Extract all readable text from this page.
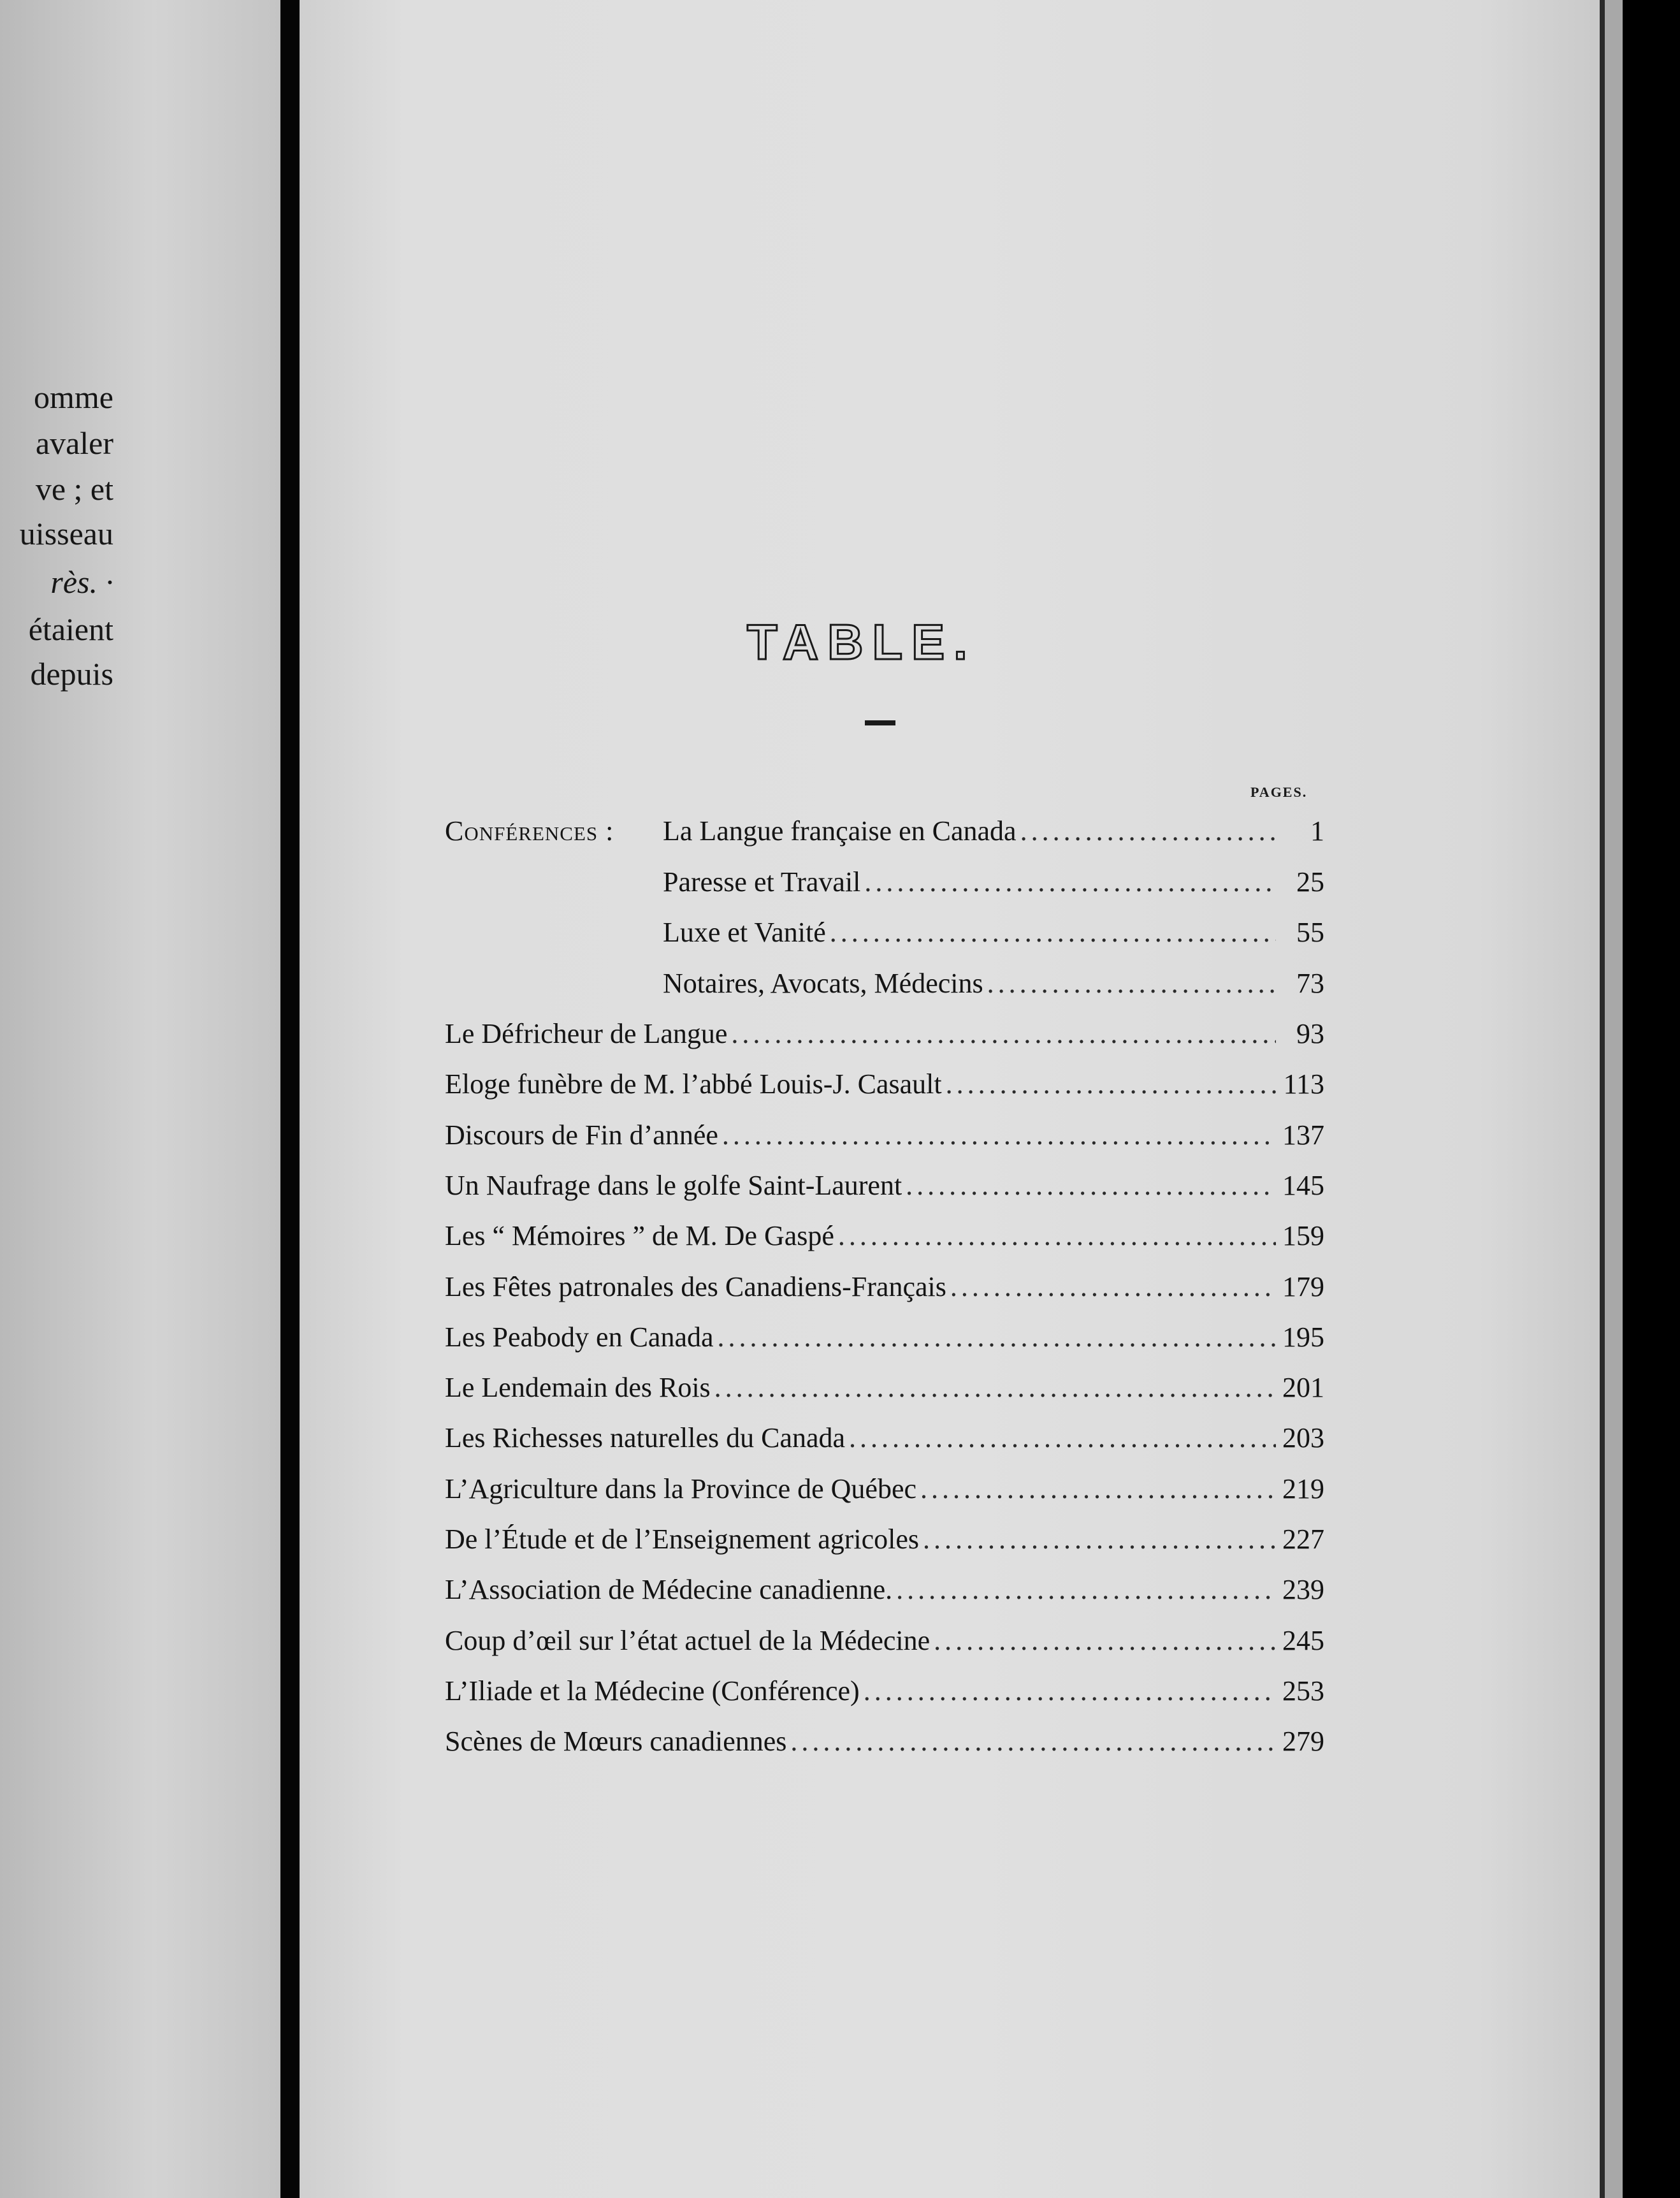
omme
avaler
ve ; et
uisseau
rès. ·
étaient
depuis
TABLE.
PAGES.
Conférences :	La Langue française en Canada .....	1
Paresse et Travail .....	25
Luxe et Vanité .....	55
Notaires, Avocats, Médecins .....	73
Le Défricheur de Langue .....	93
Eloge funèbre de M. l’abbé Louis-J. Casault .....	113
Discours de Fin d’année .....	137
Un Naufrage dans le golfe Saint-Laurent .....	145
Les “ Mémoires ” de M. De Gaspé .....	159
Les Fêtes patronales des Canadiens-Français .....	179
Les Peabody en Canada .....	195
Le Lendemain des Rois .....	201
Les Richesses naturelles du Canada .....	203
L’Agriculture dans la Province de Québec .....	219
De l’Étude et de l’Enseignement agricoles .....	227
L’Association de Médecine canadienne. .....	239
Coup d’œil sur l’état actuel de la Médecine .....	245
L’Iliade et la Médecine (Conférence) .....	253
Scènes de Mœurs canadiennes .....	279
